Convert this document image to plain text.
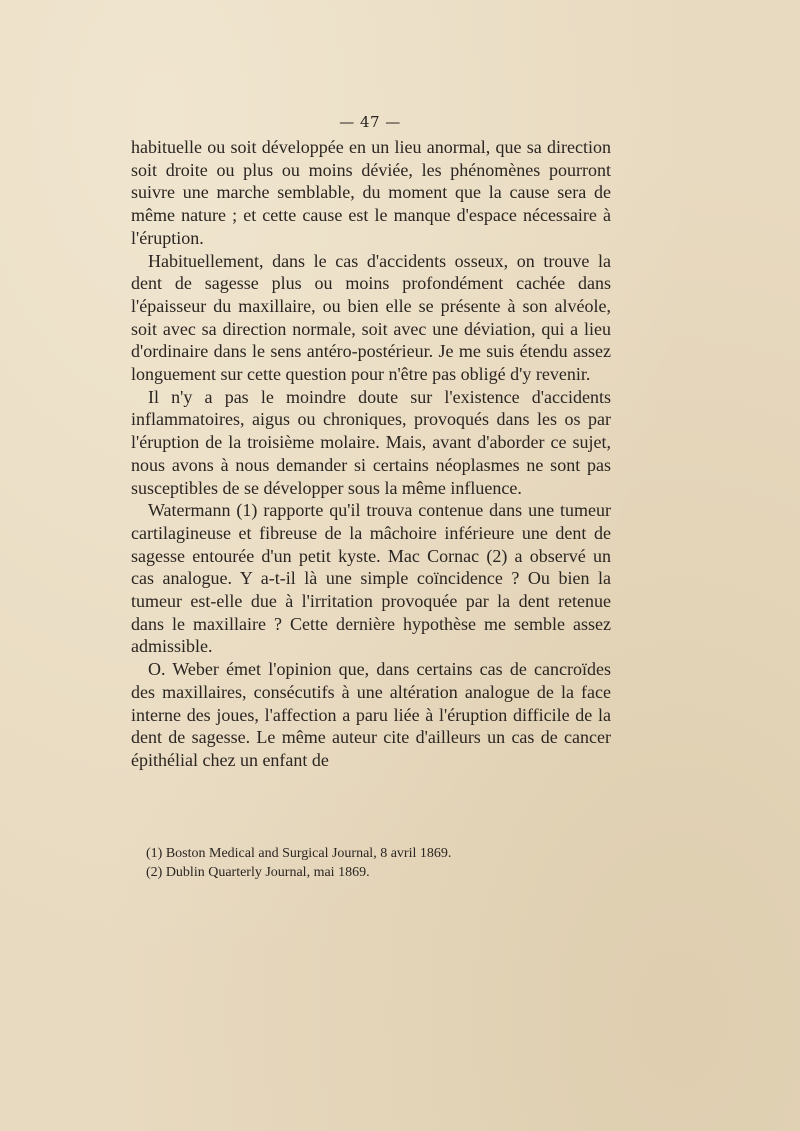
— 47 —

habituelle ou soit développée en un lieu anormal, que sa direction soit droite ou plus ou moins déviée, les phénomènes pourront suivre une marche semblable, du moment que la cause sera de même nature ; et cette cause est le manque d'espace nécessaire à l'éruption.

Habituellement, dans le cas d'accidents osseux, on trouve la dent de sagesse plus ou moins profondément cachée dans l'épaisseur du maxillaire, ou bien elle se présente à son alvéole, soit avec sa direction normale, soit avec une déviation, qui a lieu d'ordinaire dans le sens antéro-postérieur. Je me suis étendu assez longuement sur cette question pour n'être pas obligé d'y revenir.

Il n'y a pas le moindre doute sur l'existence d'accidents inflammatoires, aigus ou chroniques, provoqués dans les os par l'éruption de la troisième molaire. Mais, avant d'aborder ce sujet, nous avons à nous demander si certains néoplasmes ne sont pas susceptibles de se développer sous la même influence.

Watermann (1) rapporte qu'il trouva contenue dans une tumeur cartilagineuse et fibreuse de la mâchoire inférieure une dent de sagesse entourée d'un petit kyste. Mac Cornac (2) a observé un cas analogue. Y a-t-il là une simple coïncidence ? Ou bien la tumeur est-elle due à l'irritation provoquée par la dent retenue dans le maxillaire ? Cette dernière hypothèse me semble assez admissible.

O. Weber émet l'opinion que, dans certains cas de cancroïdes des maxillaires, consécutifs à une altération analogue de la face interne des joues, l'affection a paru liée à l'éruption difficile de la dent de sagesse. Le même auteur cite d'ailleurs un cas de cancer épithélial chez un enfant de

(1) Boston Medical and Surgical Journal, 8 avril 1869.

(2) Dublin Quarterly Journal, mai 1869.
